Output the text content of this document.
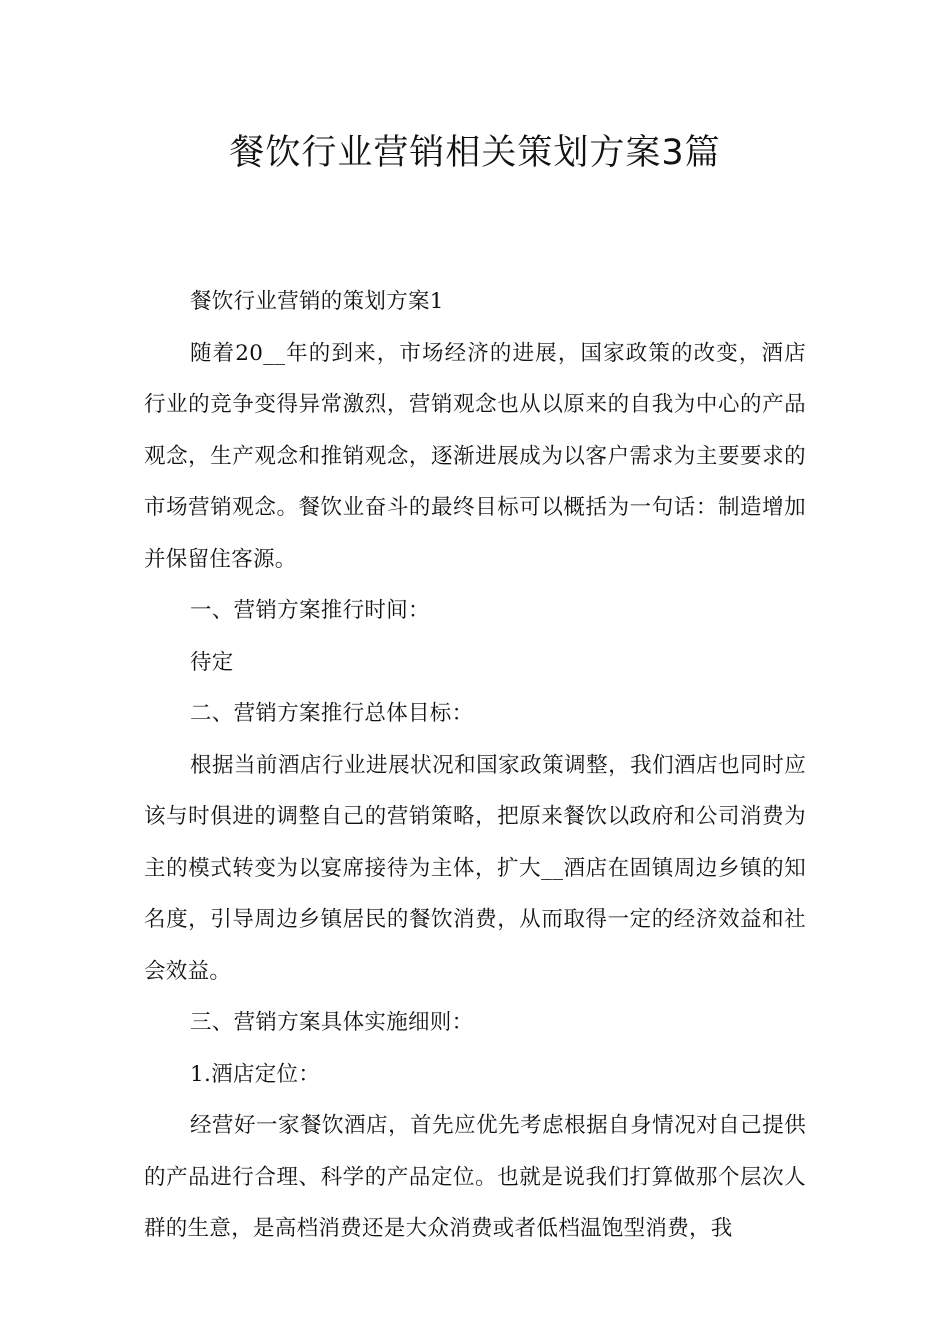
餐饮行业营销相关策划方案3篇

餐饮行业营销的策划方案1

随着20__年的到来，市场经济的进展，国家政策的改变，酒店行业的竞争变得异常激烈，营销观念也从以原来的自我为中心的产品观念，生产观念和推销观念，逐渐进展成为以客户需求为主要要求的市场营销观念。餐饮业奋斗的最终目标可以概括为一句话：制造增加并保留住客源。

一、营销方案推行时间：

待定

二、营销方案推行总体目标：

根据当前酒店行业进展状况和国家政策调整，我们酒店也同时应该与时俱进的调整自己的营销策略，把原来餐饮以政府和公司消费为主的模式转变为以宴席接待为主体，扩大__酒店在固镇周边乡镇的知名度，引导周边乡镇居民的餐饮消费，从而取得一定的经济效益和社会效益。

三、营销方案具体实施细则：

1.酒店定位：

经营好一家餐饮酒店，首先应优先考虑根据自身情况对自己提供的产品进行合理、科学的产品定位。也就是说我们打算做那个层次人群的生意，是高档消费还是大众消费或者低档温饱型消费，我
